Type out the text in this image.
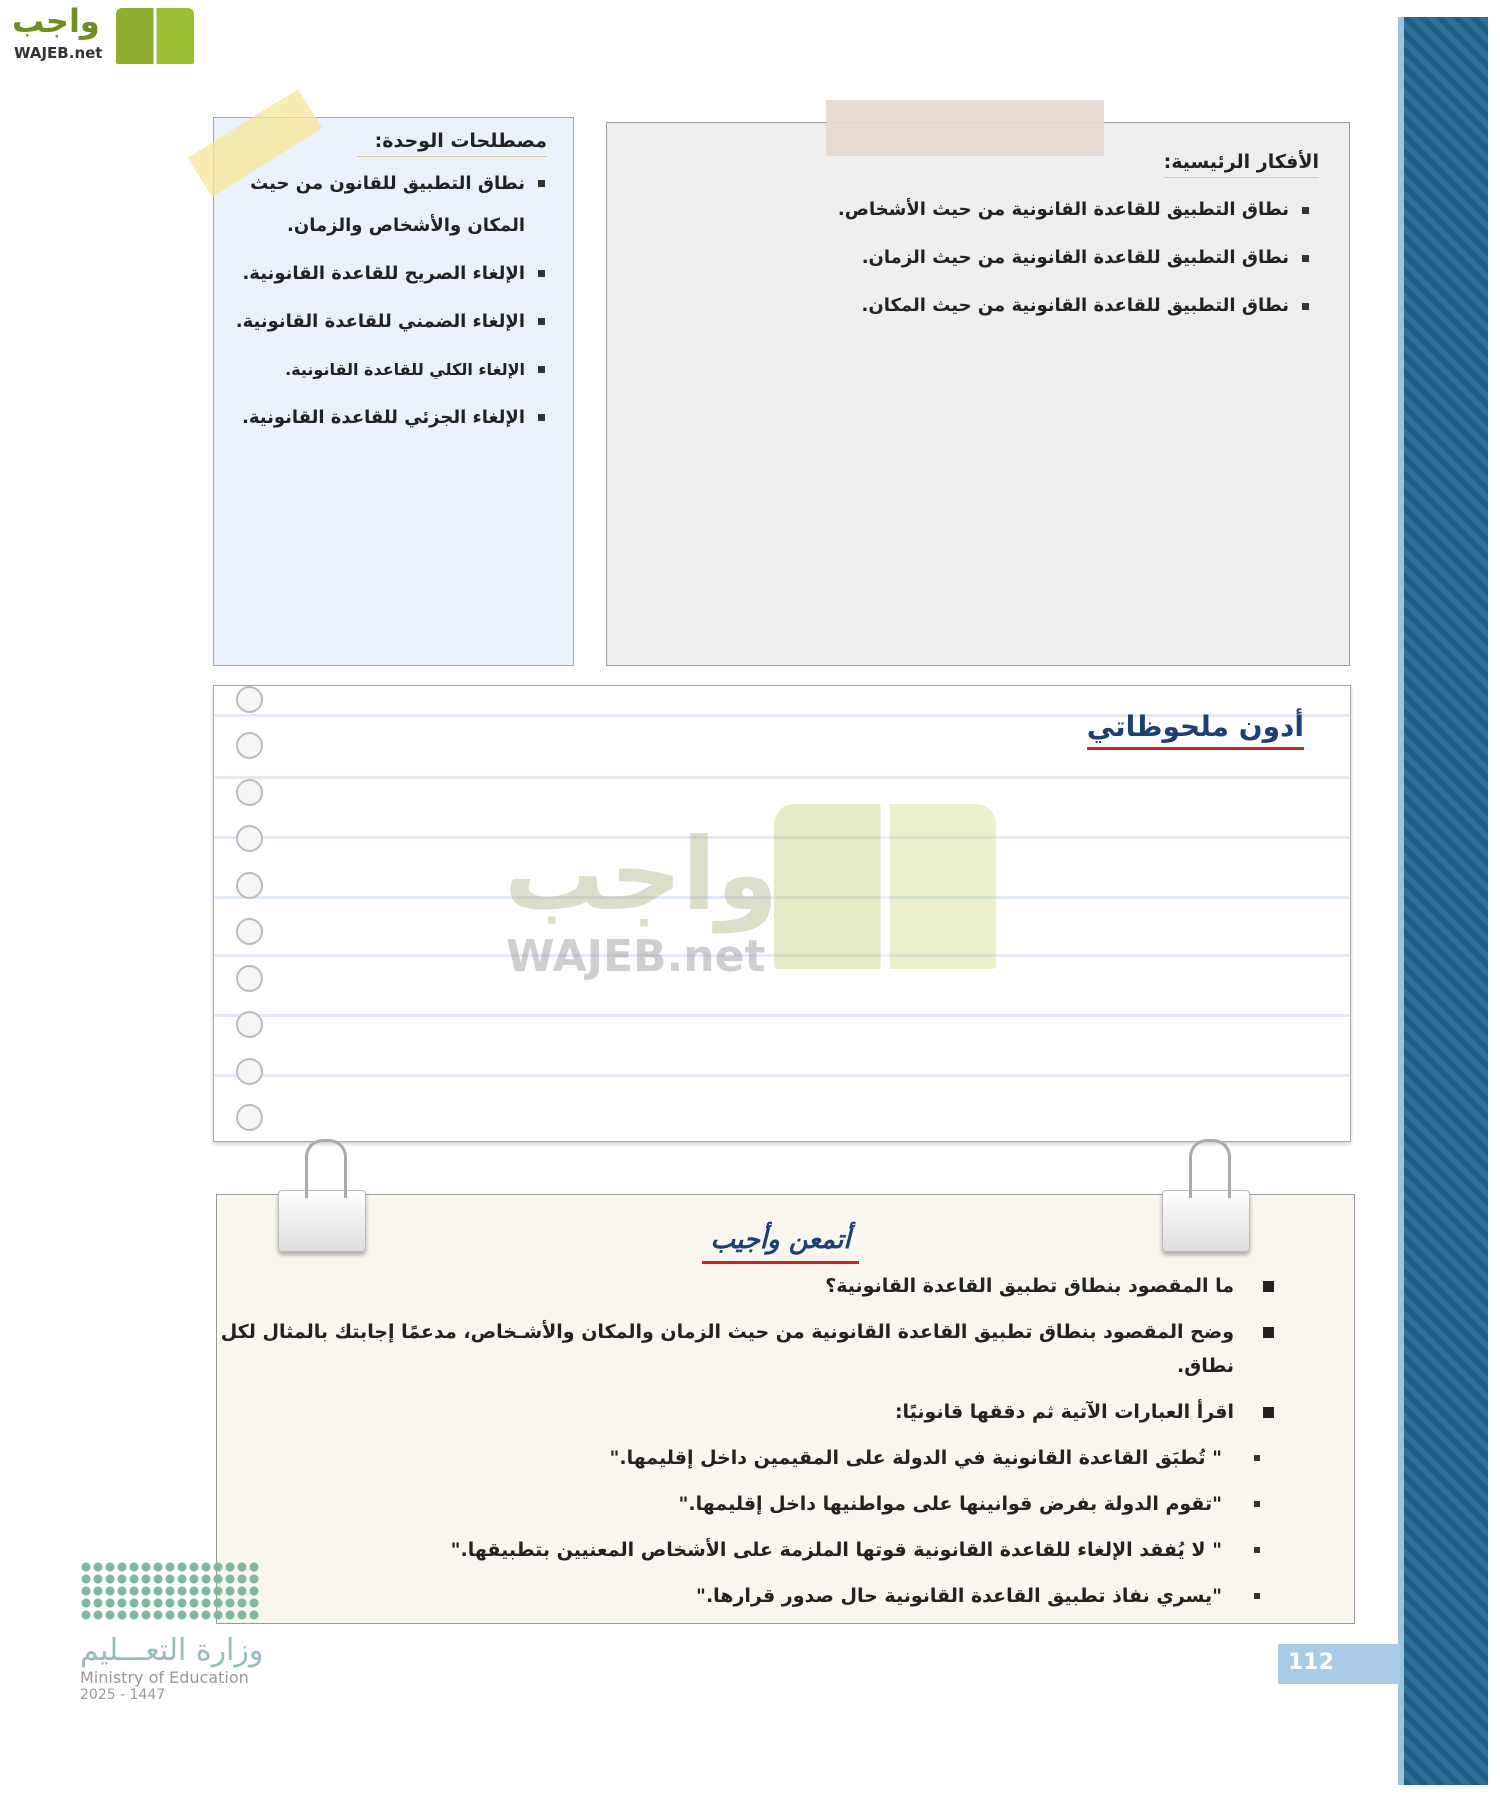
واجب
WAJEB.net
مصطلحات الوحدة:
نطاق التطبيق للقانون من حيث المكان والأشخاص والزمان.
الإلغاء الصريح للقاعدة القانونية.
الإلغاء الضمني للقاعدة القانونية.
الإلغاء الكلي للقاعدة القانونية.
الإلغاء الجزئي للقاعدة القانونية.
الأفكار الرئيسية:
نطاق التطبيق للقاعدة القانونية من حيث الأشخاص.
نطاق التطبيق للقاعدة القانونية من حيث الزمان.
نطاق التطبيق للقاعدة القانونية من حيث المكان.
أدون ملحوظاتي
واجب
WAJEB.net
أتمعن وأجيب
ما المقصود بنطاق تطبيق القاعدة القانونية؟
وضح المقصود بنطاق تطبيق القاعدة القانونية من حيث الزمان والمكان والأشـخاص، مدعمًا إجابتك بالمثال لكل نطاق.
اقرأ العبارات الآتية ثم دققها قانونيًا:
" تُطبَق القاعدة القانونية في الدولة على المقيمين داخل إقليمها."
"تقوم الدولة بفرض قوانينها على مواطنيها داخل إقليمها."
" لا يُفقد الإلغاء للقاعدة القانونية قوتها الملزمة على الأشخاص المعنيين بتطبيقها."
"يسري نفاذ تطبيق القاعدة القانونية حال صدور قرارها."
112
وزارة التعـــليم
Ministry of Education
2025 - 1447
